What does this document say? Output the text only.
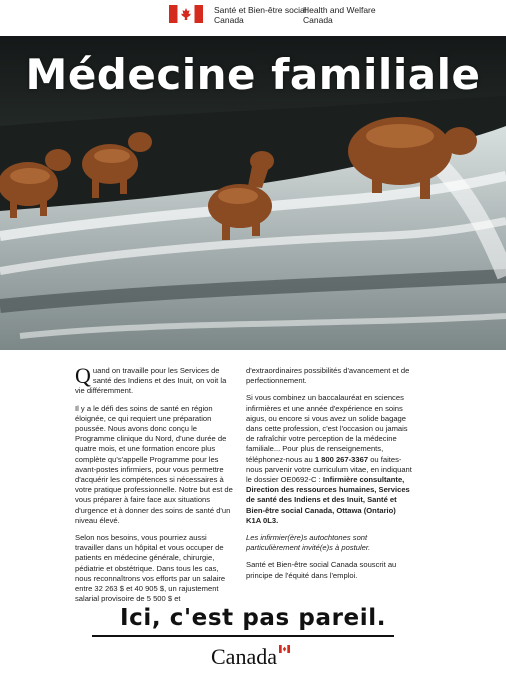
Santé et Bien-être social
Canada
Health and Welfare
Canada
Médecine familiale

Quand on travaille pour les Services de santé des Indiens et des Inuit, on voit la vie différemment.

Il y a le défi des soins de santé en région éloignée, ce qui requiert une préparation poussée. Nous avons donc conçu le Programme clinique du Nord, d'une durée de quatre mois, et une formation encore plus complète qu's'appelle Programme pour les avant-postes infirmiers, pour vous permettre d'acquérir les compétences si nécessaires à votre pratique professionnelle. Notre but est de vous préparer à faire face aux situations d'urgence et à donner des soins de santé d'un niveau élevé.

Selon nos besoins, vous pourriez aussi travailler dans un hôpital et vous occuper de patients en médecine générale, chirurgie, pédiatrie et obstétrique. Dans tous les cas, nous reconnaîtrons vos efforts par un salaire entre 32 263 $ et 40 905 $, un rajustement salarial provisoire de 5 500 $ et

d'extraordinaires possibilités d'avancement et de perfectionnement.

Si vous combinez un baccalauréat en sciences infirmières et une année d'expérience en soins aigus, ou encore si vous avez un solide bagage dans cette profession, c'est l'occasion ou jamais de rafraîchir votre perception de la médecine familiale... Pour plus de renseignements, téléphonez-nous au 1 800 267-3367 ou faites-nous parvenir votre curriculum vitae, en indiquant le dossier OE0692-C : Infirmière consultante, Direction des ressources humaines, Services de santé des Indiens et des Inuit, Santé et Bien-être social Canada, Ottawa (Ontario) K1A 0L3.

Les infirmier(ère)s autochtones sont particulièrement invité(e)s à postuler.

Santé et Bien-être social Canada souscrit au principe de l'équité dans l'emploi.

Ici, c'est pas pareil.
Canada
